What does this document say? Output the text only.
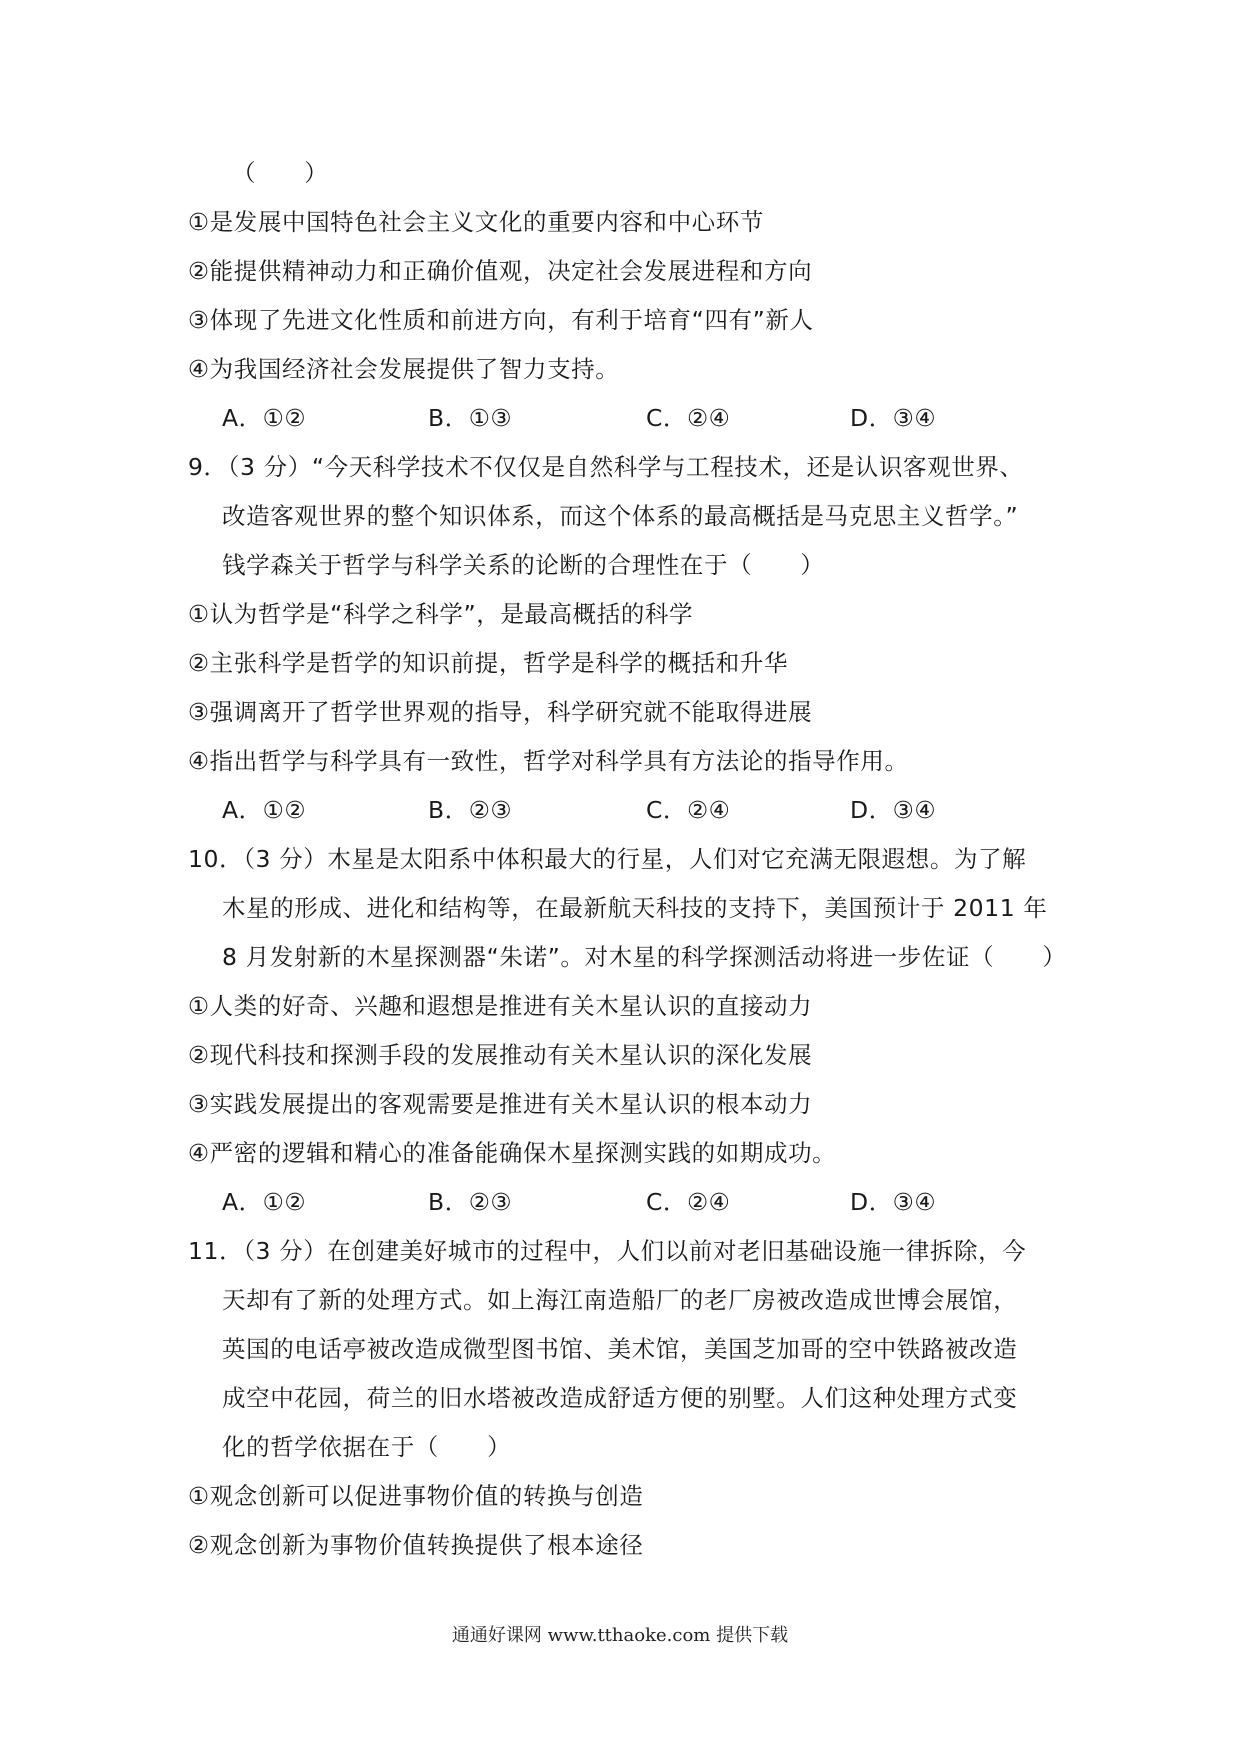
（　　）
①是发展中国特色社会主义文化的重要内容和中心环节
②能提供精神动力和正确价值观，决定社会发展进程和方向
③体现了先进文化性质和前进方向，有利于培育“四有”新人
④为我国经济社会发展提供了智力支持。
A．①②	B．①③	C．②④	D．③④
9．（3 分）“今天科学技术不仅仅是自然科学与工程技术，还是认识客观世界、
改造客观世界的整个知识体系，而这个体系的最高概括是马克思主义哲学。”
钱学森关于哲学与科学关系的论断的合理性在于（　　）
①认为哲学是“科学之科学”，是最高概括的科学
②主张科学是哲学的知识前提，哲学是科学的概括和升华
③强调离开了哲学世界观的指导，科学研究就不能取得进展
④指出哲学与科学具有一致性，哲学对科学具有方法论的指导作用。
A．①②	B．②③	C．②④	D．③④
10．（3 分）木星是太阳系中体积最大的行星，人们对它充满无限遐想。为了解
木星的形成、进化和结构等，在最新航天科技的支持下，美国预计于 2011 年
8 月发射新的木星探测器“朱诺”。对木星的科学探测活动将进一步佐证（　　）
①人类的好奇、兴趣和遐想是推进有关木星认识的直接动力
②现代科技和探测手段的发展推动有关木星认识的深化发展
③实践发展提出的客观需要是推进有关木星认识的根本动力
④严密的逻辑和精心的准备能确保木星探测实践的如期成功。
A．①②	B．②③	C．②④	D．③④
11．（3 分）在创建美好城市的过程中，人们以前对老旧基础设施一律拆除，今
天却有了新的处理方式。如上海江南造船厂的老厂房被改造成世博会展馆，
英国的电话亭被改造成微型图书馆、美术馆，美国芝加哥的空中铁路被改造
成空中花园，荷兰的旧水塔被改造成舒适方便的别墅。人们这种处理方式变
化的哲学依据在于（　　）
①观念创新可以促进事物价值的转换与创造
②观念创新为事物价值转换提供了根本途径
通通好课网 www.tthaoke.com 提供下载
